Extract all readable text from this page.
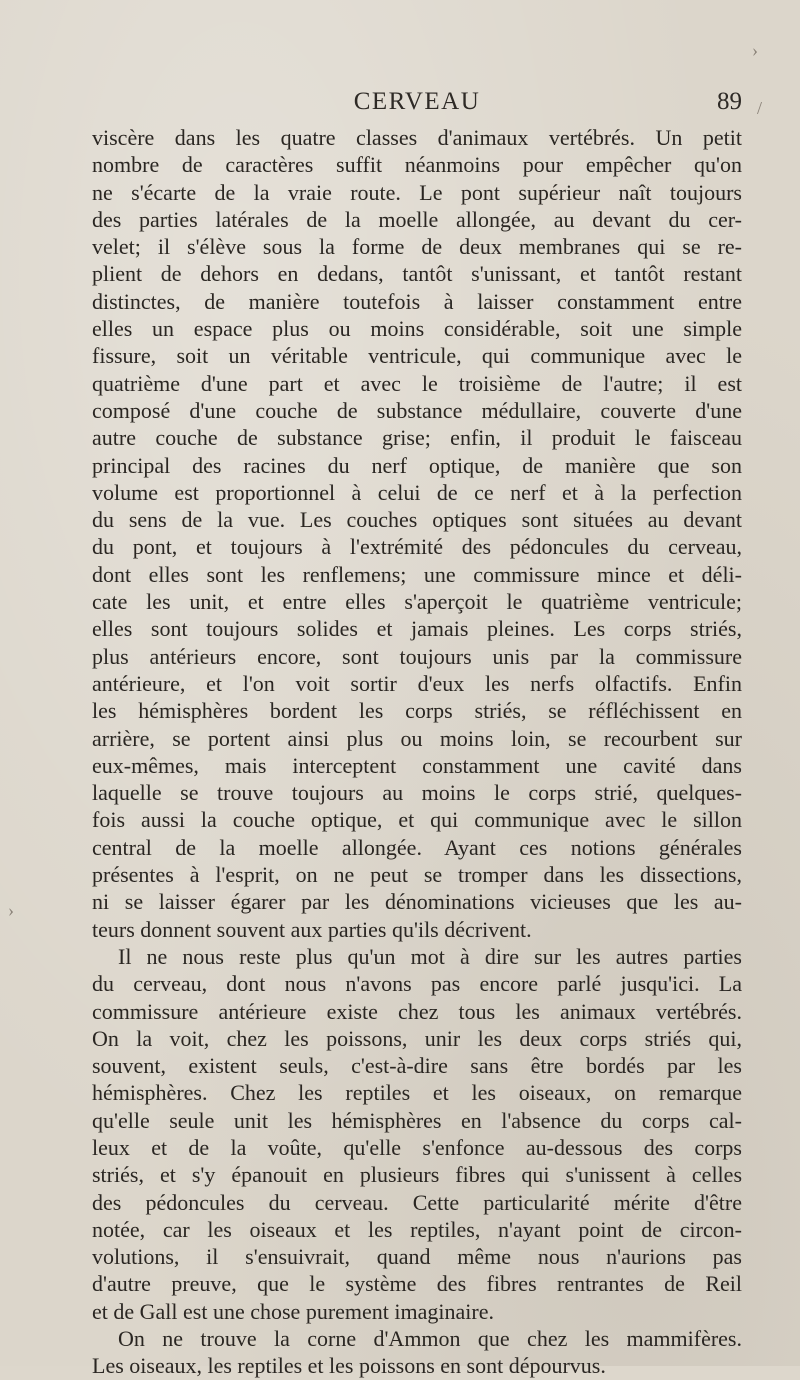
CERVEAU	89
viscère dans les quatre classes d'animaux vertébrés. Un petit
nombre de caractères suffit néanmoins pour empêcher qu'on
ne s'écarte de la vraie route. Le pont supérieur naît toujours
des parties latérales de la moelle allongée, au devant du cer-
velet; il s'élève sous la forme de deux membranes qui se re-
plient de dehors en dedans, tantôt s'unissant, et tantôt restant
distinctes, de manière toutefois à laisser constamment entre
elles un espace plus ou moins considérable, soit une simple
fissure, soit un véritable ventricule, qui communique avec le
quatrième d'une part et avec le troisième de l'autre; il est
composé d'une couche de substance médullaire, couverte d'une
autre couche de substance grise; enfin, il produit le faisceau
principal des racines du nerf optique, de manière que son
volume est proportionnel à celui de ce nerf et à la perfection
du sens de la vue. Les couches optiques sont situées au devant
du pont, et toujours à l'extrémité des pédoncules du cerveau,
dont elles sont les renflemens; une commissure mince et déli-
cate les unit, et entre elles s'aperçoit le quatrième ventricule;
elles sont toujours solides et jamais pleines. Les corps striés,
plus antérieurs encore, sont toujours unis par la commissure
antérieure, et l'on voit sortir d'eux les nerfs olfactifs. Enfin
les hémisphères bordent les corps striés, se réfléchissent en
arrière, se portent ainsi plus ou moins loin, se recourbent sur
eux-mêmes, mais interceptent constamment une cavité dans
laquelle se trouve toujours au moins le corps strié, quelques-
fois aussi la couche optique, et qui communique avec le sillon
central de la moelle allongée. Ayant ces notions générales
présentes à l'esprit, on ne peut se tromper dans les dissections,
ni se laisser égarer par les dénominations vicieuses que les au-
teurs donnent souvent aux parties qu'ils décrivent.
Il ne nous reste plus qu'un mot à dire sur les autres parties
du cerveau, dont nous n'avons pas encore parlé jusqu'ici. La
commissure antérieure existe chez tous les animaux vertébrés.
On la voit, chez les poissons, unir les deux corps striés qui,
souvent, existent seuls, c'est-à-dire sans être bordés par les
hémisphères. Chez les reptiles et les oiseaux, on remarque
qu'elle seule unit les hémisphères en l'absence du corps cal-
leux et de la voûte, qu'elle s'enfonce au-dessous des corps
striés, et s'y épanouit en plusieurs fibres qui s'unissent à celles
des pédoncules du cerveau. Cette particularité mérite d'être
notée, car les oiseaux et les reptiles, n'ayant point de circon-
volutions, il s'ensuivrait, quand même nous n'aurions pas
d'autre preuve, que le système des fibres rentrantes de Reil
et de Gall est une chose purement imaginaire.
On ne trouve la corne d'Ammon que chez les mammifères.
Les oiseaux, les reptiles et les poissons en sont dépourvus.
›
/
›
